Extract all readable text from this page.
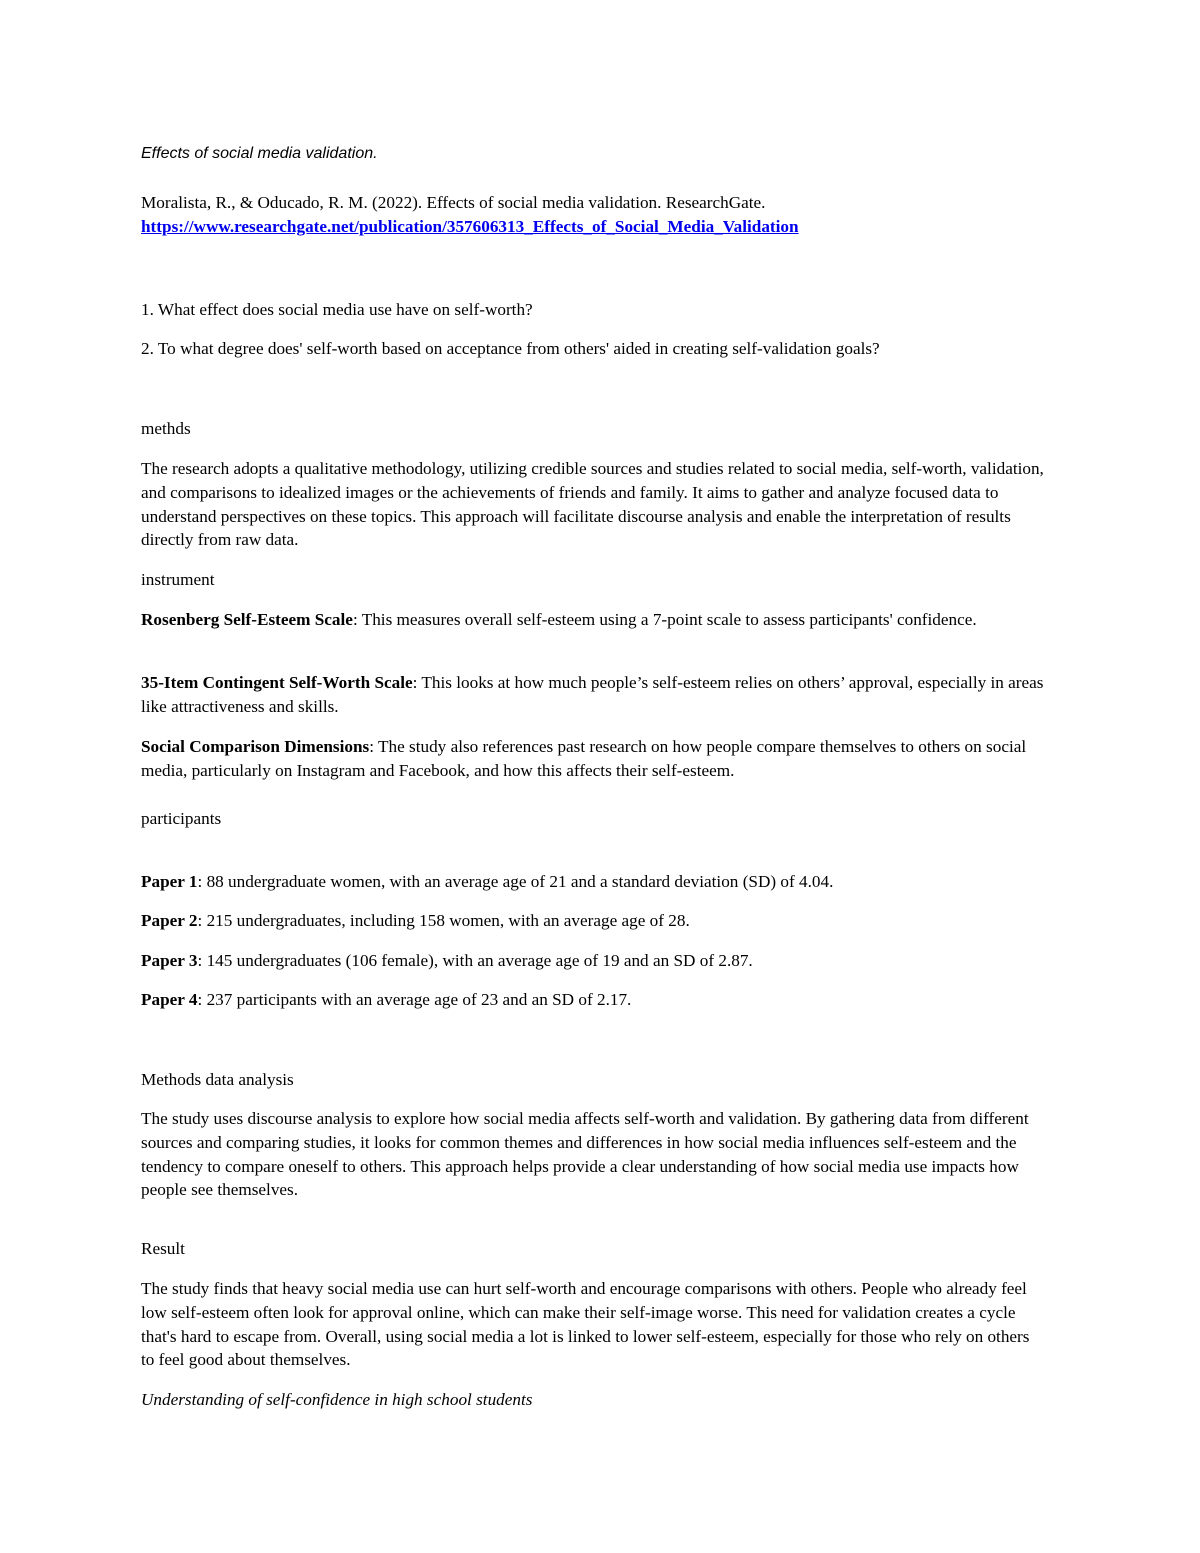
Effects of social media validation.

Moralista, R., & Oducado, R. M. (2022). Effects of social media validation. ResearchGate.
https://www.researchgate.net/publication/357606313_Effects_of_Social_Media_Validation

1. What effect does social media use have on self-worth?

2. To what degree does' self-worth based on acceptance from others' aided in creating self-validation goals?

methds

The research adopts a qualitative methodology, utilizing credible sources and studies related to social media, self-worth, validation, and comparisons to idealized images or the achievements of friends and family. It aims to gather and analyze focused data to understand perspectives on these topics. This approach will facilitate discourse analysis and enable the interpretation of results directly from raw data.

instrument

Rosenberg Self-Esteem Scale: This measures overall self-esteem using a 7-point scale to assess participants' confidence.

35-Item Contingent Self-Worth Scale: This looks at how much people’s self-esteem relies on others’ approval, especially in areas like attractiveness and skills.

Social Comparison Dimensions: The study also references past research on how people compare themselves to others on social media, particularly on Instagram and Facebook, and how this affects their self-esteem.

participants

Paper 1: 88 undergraduate women, with an average age of 21 and a standard deviation (SD) of 4.04.

Paper 2: 215 undergraduates, including 158 women, with an average age of 28.

Paper 3: 145 undergraduates (106 female), with an average age of 19 and an SD of 2.87.

Paper 4: 237 participants with an average age of 23 and an SD of 2.17.

Methods data analysis

The study uses discourse analysis to explore how social media affects self-worth and validation. By gathering data from different sources and comparing studies, it looks for common themes and differences in how social media influences self-esteem and the tendency to compare oneself to others. This approach helps provide a clear understanding of how social media use impacts how people see themselves.

Result

The study finds that heavy social media use can hurt self-worth and encourage comparisons with others. People who already feel low self-esteem often look for approval online, which can make their self-image worse. This need for validation creates a cycle that's hard to escape from. Overall, using social media a lot is linked to lower self-esteem, especially for those who rely on others to feel good about themselves.

Understanding of self-confidence in high school students
